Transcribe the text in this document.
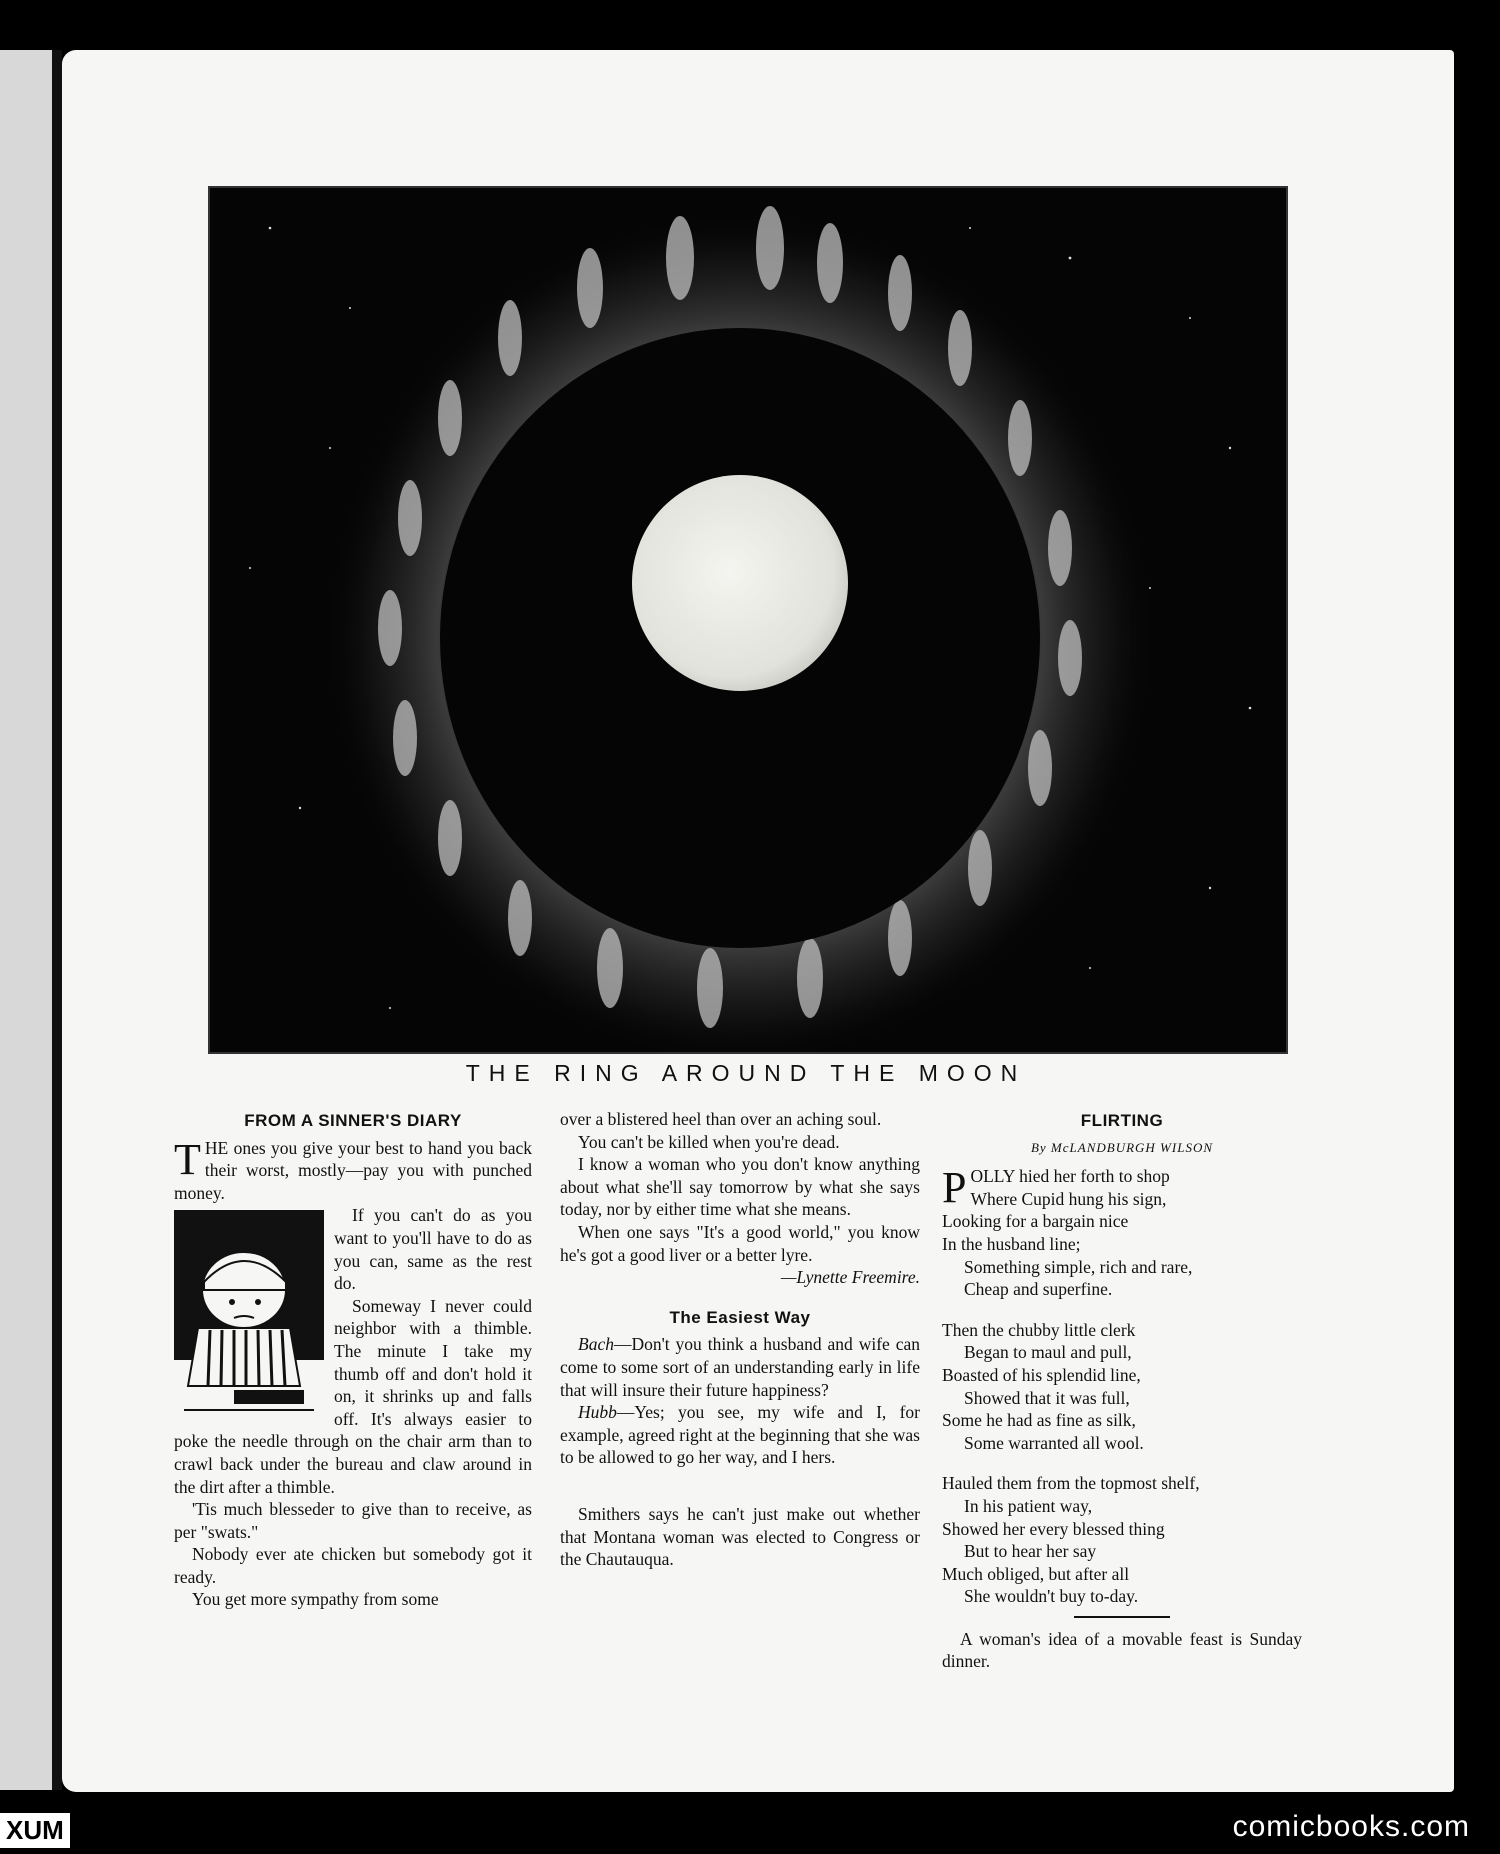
THE RING AROUND THE MOON
FROM A SINNER'S DIARY

THE ones you give your best to hand you back their worst, mostly—pay you with punched money.

If you can't do as you want to you'll have to do as you can, same as the rest do.

Someway I never could neighbor with a thimble. The minute I take my thumb off and don't hold it on, it shrinks up and falls off. It's always easier to poke the needle through on the chair arm than to crawl back under the bureau and claw around in the dirt after a thimble.

'Tis much blesseder to give than to receive, as per "swats."

Nobody ever ate chicken but somebody got it ready.

You get more sympathy from some

over a blistered heel than over an aching soul.

You can't be killed when you're dead.

I know a woman who you don't know anything about what she'll say tomorrow by what she says today, nor by either time what she means.

When one says "It's a good world," you know he's got a good liver or a better lyre.
—Lynette Freemire.

The Easiest Way

Bach—Don't you think a husband and wife can come to some sort of an understanding early in life that will insure their future happiness?

Hubb—Yes; you see, my wife and I, for example, agreed right at the beginning that she was to be allowed to go her way, and I hers.

Smithers says he can't just make out whether that Montana woman was elected to Congress or the Chautauqua.

FLIRTING
By McLANDBURGH WILSON

POLLY hied her forth to shop

Where Cupid hung his sign,

Looking for a bargain nice

In the husband line;

Something simple, rich and rare,

Cheap and superfine.

Then the chubby little clerk

Began to maul and pull,

Boasted of his splendid line,

Showed that it was full,

Some he had as fine as silk,

Some warranted all wool.

Hauled them from the topmost shelf,

In his patient way,

Showed her every blessed thing

But to hear her say

Much obliged, but after all

She wouldn't buy to-day.

A woman's idea of a movable feast is Sunday dinner.

XUM	comicbooks.com
